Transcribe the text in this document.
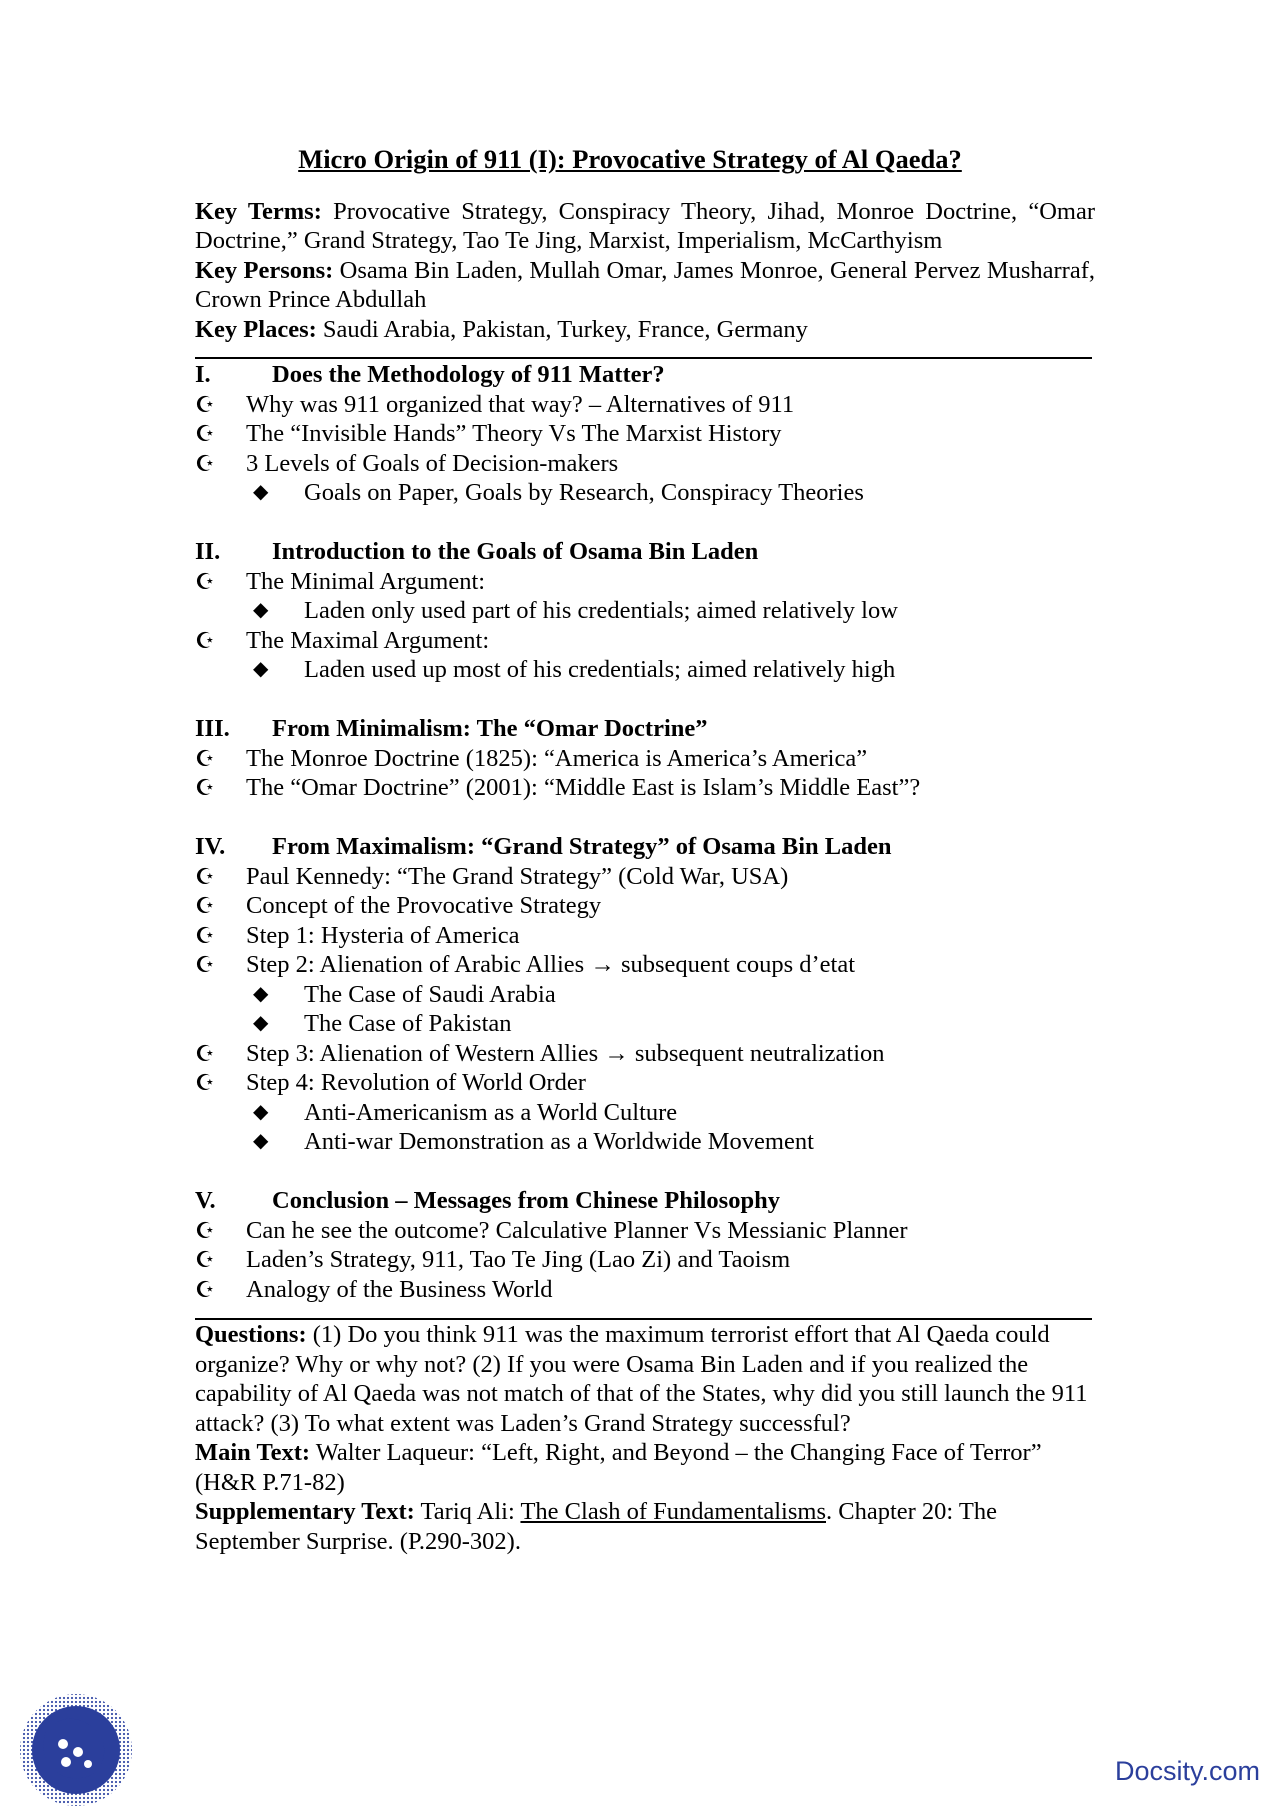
Micro Origin of 911 (I): Provocative Strategy of Al Qaeda?
Key Terms: Provocative Strategy, Conspiracy Theory, Jihad, Monroe Doctrine, “Omar Doctrine,” Grand Strategy, Tao Te Jing, Marxist, Imperialism, McCarthyism
Key Persons: Osama Bin Laden, Mullah Omar, James Monroe, General Pervez Musharraf, Crown Prince Abdullah
Key Places: Saudi Arabia, Pakistan, Turkey, France, Germany
I.	Does the Methodology of 911 Matter?
☪	Why was 911 organized that way? – Alternatives of 911
☪	The “Invisible Hands” Theory Vs The Marxist History
☪	3 Levels of Goals of Decision-makers
◆	Goals on Paper, Goals by Research, Conspiracy Theories
II.	Introduction to the Goals of Osama Bin Laden
☪	The Minimal Argument:
◆	Laden only used part of his credentials; aimed relatively low
☪	The Maximal Argument:
◆	Laden used up most of his credentials; aimed relatively high
III.	From Minimalism: The “Omar Doctrine”
☪	The Monroe Doctrine (1825): “America is America’s America”
☪	The “Omar Doctrine” (2001): “Middle East is Islam’s Middle East”?
IV.	From Maximalism: “Grand Strategy” of Osama Bin Laden
☪	Paul Kennedy: “The Grand Strategy” (Cold War, USA)
☪	Concept of the Provocative Strategy
☪	Step 1: Hysteria of America
☪	Step 2: Alienation of Arabic Allies → subsequent coups d’etat
◆	The Case of Saudi Arabia
◆	The Case of Pakistan
☪	Step 3: Alienation of Western Allies → subsequent neutralization
☪	Step 4: Revolution of World Order
◆	Anti-Americanism as a World Culture
◆	Anti-war Demonstration as a Worldwide Movement
V.	Conclusion – Messages from Chinese Philosophy
☪	Can he see the outcome? Calculative Planner Vs Messianic Planner
☪	Laden’s Strategy, 911, Tao Te Jing (Lao Zi) and Taoism
☪	Analogy of the Business World
Questions: (1) Do you think 911 was the maximum terrorist effort that Al Qaeda could organize? Why or why not? (2) If you were Osama Bin Laden and if you realized the capability of Al Qaeda was not match of that of the States, why did you still launch the 911 attack? (3) To what extent was Laden’s Grand Strategy successful?
Main Text: Walter Laqueur: “Left, Right, and Beyond – the Changing Face of Terror” (H&R P.71-82)
Supplementary Text: Tariq Ali: The Clash of Fundamentalisms. Chapter 20: The September Surprise. (P.290-302).
Docsity.com
